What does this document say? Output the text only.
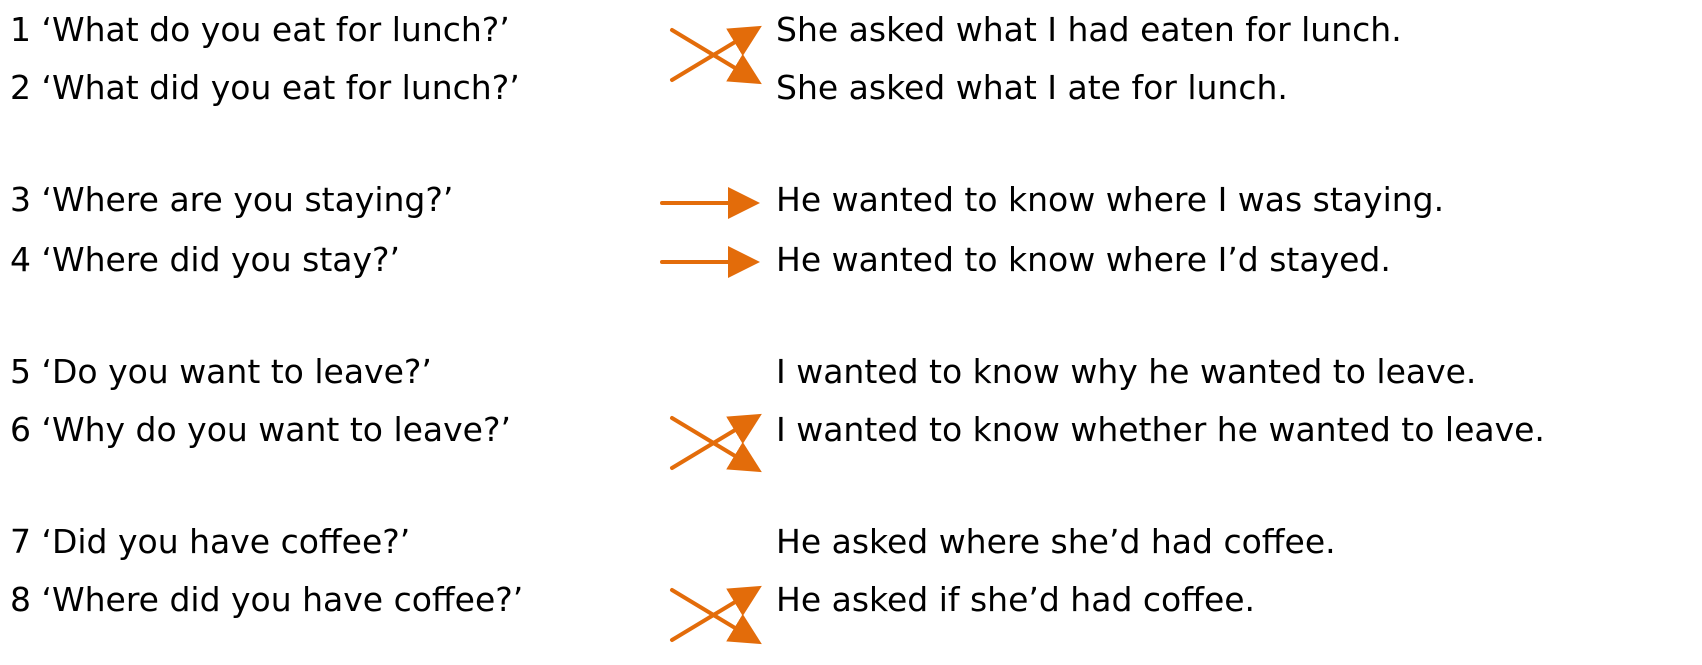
1 ‘What do you eat for lunch?’
2 ‘What did you eat for lunch?’
She asked what I had eaten for lunch.
She asked what I ate for lunch.
3 ‘Where are you staying?’
4 ‘Where did you stay?’
He wanted to know where I was staying.
He wanted to know where I’d stayed.
5 ‘Do you want to leave?’
6 ‘Why do you want to leave?’
I wanted to know why he wanted to leave.
I wanted to know whether he wanted to leave.
7 ‘Did you have coffee?’
8 ‘Where did you have coffee?’
He asked where she’d had coffee.
He asked if she’d had coffee.
